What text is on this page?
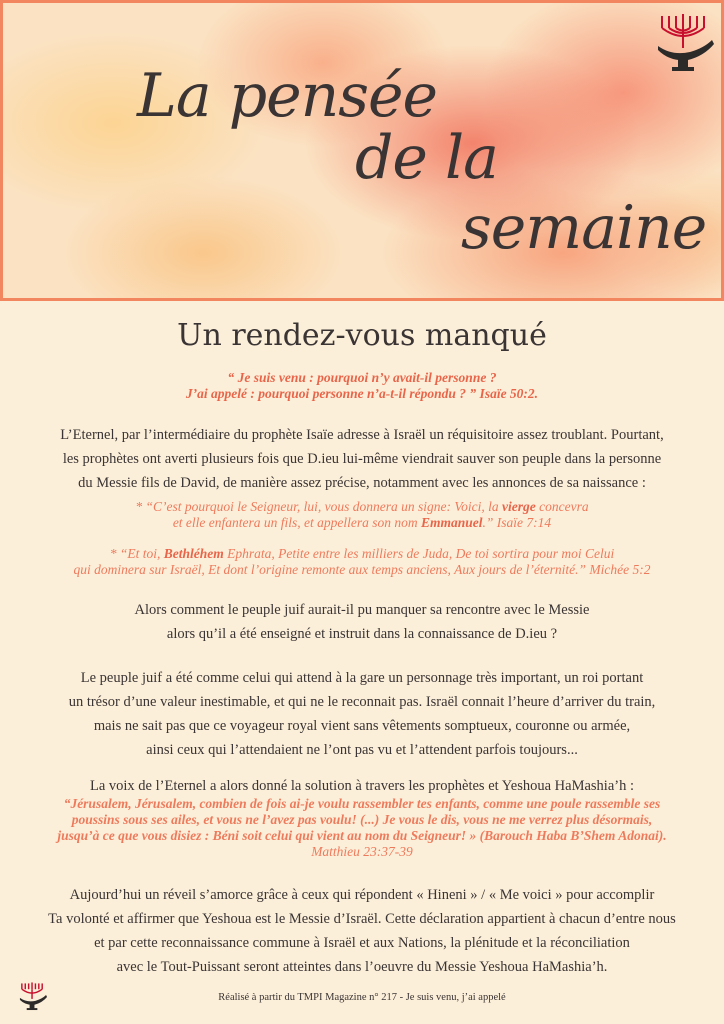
La pensée
de la
semaine
Un rendez-vous manqué
“ Je suis venu : pourquoi n’y avait-il personne ?
J’ai appelé : pourquoi personne n’a-t-il répondu ? ” Isaïe 50:2.
L’Eternel, par l’intermédiaire du prophète Isaïe adresse à Israël un réquisitoire assez troublant. Pourtant,
les prophètes ont averti plusieurs fois que D.ieu lui-même viendrait sauver son peuple dans la personne
du Messie fils de David, de manière assez précise, notamment avec les annonces de sa naissance :
* “C’est pourquoi le Seigneur, lui, vous donnera un signe: Voici, la vierge concevra
et elle enfantera un fils, et appellera son nom Emmanuel.” Isaïe 7:14
* “Et toi, Bethléhem Ephrata, Petite entre les milliers de Juda, De toi sortira pour moi Celui
qui dominera sur Israël, Et dont l’origine remonte aux temps anciens, Aux jours de l’éternité.” Michée 5:2
Alors comment le peuple juif aurait-il pu manquer sa rencontre avec le Messie
alors qu’il a été enseigné et instruit dans la connaissance de D.ieu ?
Le peuple juif a été comme celui qui attend à la gare un personnage très important, un roi portant
un trésor d’une valeur inestimable, et qui ne le reconnait pas. Israël connait l’heure d’arriver du train,
mais ne sait pas que ce voyageur royal vient sans vêtements somptueux, couronne ou armée,
ainsi ceux qui l’attendaient ne l’ont pas vu et l’attendent parfois toujours...
La voix de l’Eternel a alors donné la solution à travers les prophètes et Yeshoua HaMashia’h :
“Jérusalem, Jérusalem, combien de fois ai-je voulu rassembler tes enfants, comme une poule rassemble ses
poussins sous ses ailes, et vous ne l’avez pas voulu! (...) Je vous le dis, vous ne me verrez plus désormais,
jusqu’à ce que vous disiez : Béni soit celui qui vient au nom du Seigneur! » (Barouch Haba B’Shem Adonai).
Matthieu 23:37-39
Aujourd’hui un réveil s’amorce grâce à ceux qui répondent « Hineni » / « Me voici » pour accomplir
Ta volonté et affirmer que Yeshoua est le Messie d’Israël. Cette déclaration appartient à chacun d’entre nous
et par cette reconnaissance commune à Israël et aux Nations, la plénitude et la réconciliation
avec le Tout-Puissant seront atteintes dans l’oeuvre du Messie Yeshoua HaMashia’h.
Réalisé à partir du TMPI Magazine n° 217 - Je suis venu, j’ai appelé
